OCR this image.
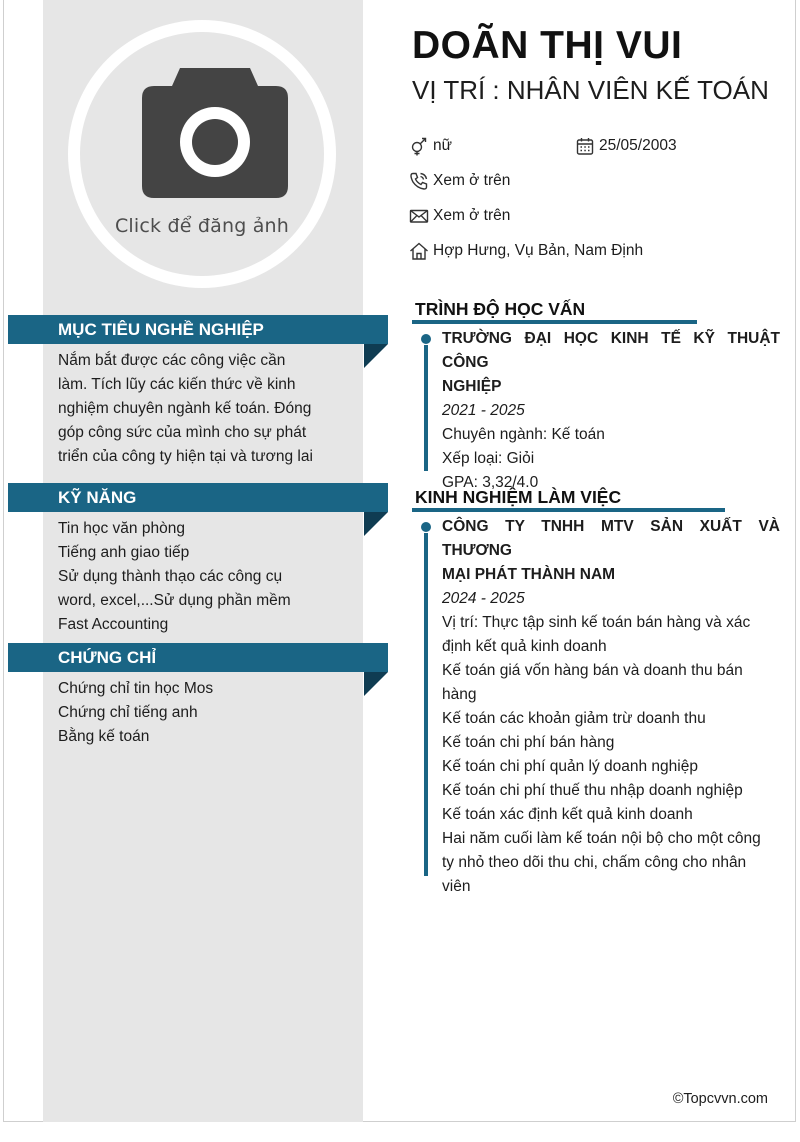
Click để đăng ảnh
DOÃN THỊ VUI
VỊ TRÍ : NHÂN VIÊN KẾ TOÁN
nữ	25/05/2003
Xem ở trên
Xem ở trên
Hợp Hưng, Vụ Bản, Nam Định
MỤC TIÊU NGHỀ NGHIỆP
Nắm bắt được các công việc cần
làm. Tích lũy các kiến thức về kinh
nghiệm chuyên ngành kế toán. Đóng
góp công sức của mình cho sự phát
triển của công ty hiện tại và tương lai
KỸ NĂNG
Tin học văn phòng
Tiếng anh giao tiếp
Sử dụng thành thạo các công cụ
word, excel,...Sử dụng phần mềm
Fast Accounting
CHỨNG CHỈ
Chứng chỉ tin học Mos
Chứng chỉ tiếng anh
Bằng kế toán
TRÌNH ĐỘ HỌC VẤN
TRƯỜNG ĐẠI HỌC KINH TẾ KỸ THUẬT CÔNG
NGHIỆP
2021 - 2025
Chuyên ngành: Kế toán
Xếp loại: Giỏi
GPA: 3,32/4.0
KINH NGHIỆM LÀM VIỆC
CÔNG TY TNHH MTV SẢN XUẤT VÀ THƯƠNG
MẠI PHÁT THÀNH NAM
2024 - 2025
Vị trí: Thực tập sinh kế toán bán hàng và xác
định kết quả kinh doanh
Kế toán giá vốn hàng bán và doanh thu bán
hàng
Kế toán các khoản giảm trừ doanh thu
Kế toán chi phí bán hàng
Kế toán chi phí quản lý doanh nghiệp
Kế toán chi phí thuế thu nhập doanh nghiệp
Kế toán xác định kết quả kinh doanh
Hai năm cuối làm kế toán nội bộ cho một công
ty nhỏ theo dõi thu chi, chấm công cho nhân
viên
©Topcvvn.com
